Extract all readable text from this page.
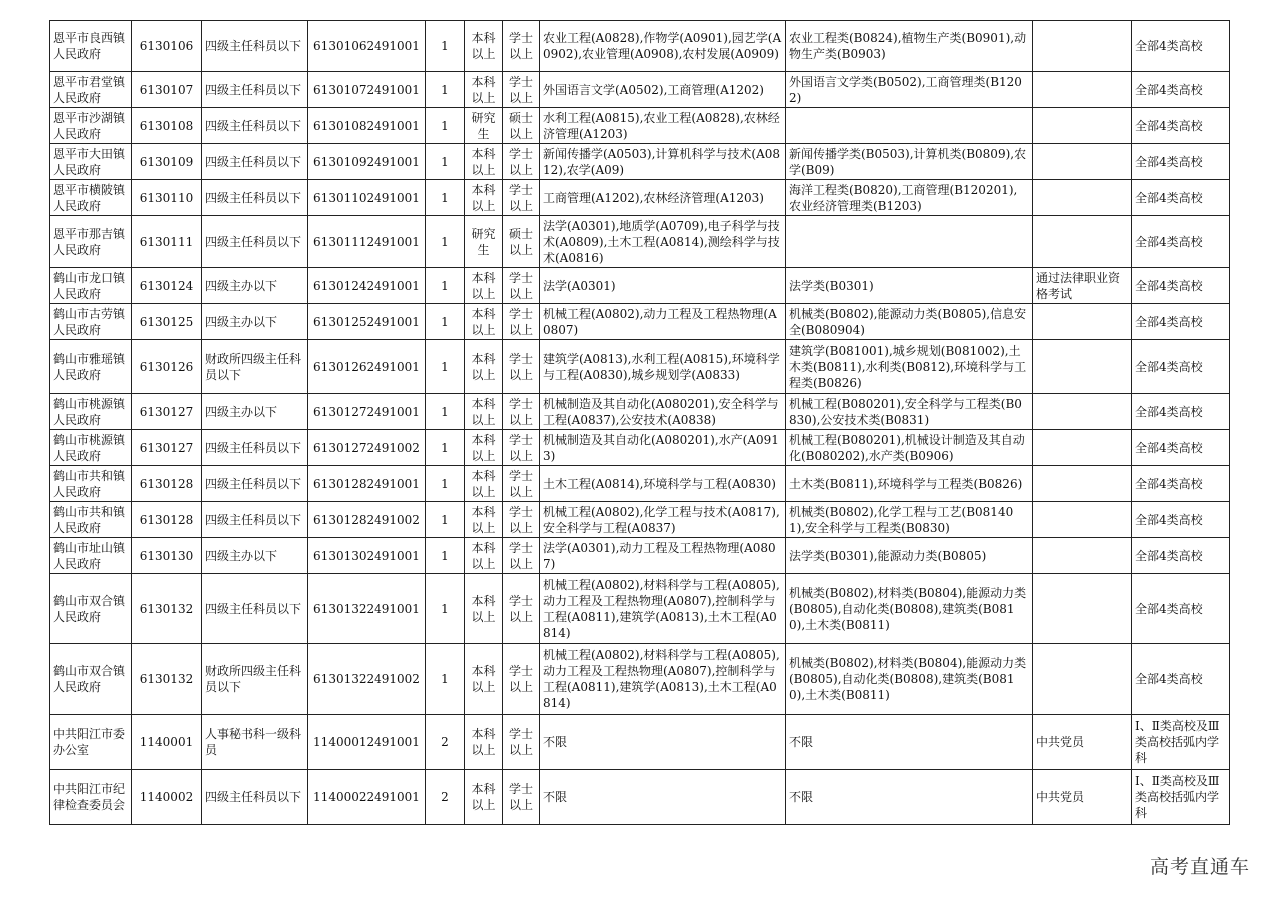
恩平市良西镇人民政府	6130106	四级主任科员以下	61301062491001	1	本科以上	学士以上	农业工程(A0828),作物学(A0901),园艺学(A0902),农业管理(A0908),农村发展(A0909)	农业工程类(B0824),植物生产类(B0901),动物生产类(B0903)		全部4类高校
恩平市君堂镇人民政府	6130107	四级主任科员以下	61301072491001	1	本科以上	学士以上	外国语言文学(A0502),工商管理(A1202)	外国语言文学类(B0502),工商管理类(B1202)		全部4类高校
恩平市沙湖镇人民政府	6130108	四级主任科员以下	61301082491001	1	研究生	硕士以上	水利工程(A0815),农业工程(A0828),农林经济管理(A1203)			全部4类高校
恩平市大田镇人民政府	6130109	四级主任科员以下	61301092491001	1	本科以上	学士以上	新闻传播学(A0503),计算机科学与技术(A0812),农学(A09)	新闻传播学类(B0503),计算机类(B0809),农学(B09)		全部4类高校
恩平市横陂镇人民政府	6130110	四级主任科员以下	61301102491001	1	本科以上	学士以上	工商管理(A1202),农林经济管理(A1203)	海洋工程类(B0820),工商管理(B120201),农业经济管理类(B1203)		全部4类高校
恩平市那吉镇人民政府	6130111	四级主任科员以下	61301112491001	1	研究生	硕士以上	法学(A0301),地质学(A0709),电子科学与技术(A0809),土木工程(A0814),测绘科学与技术(A0816)			全部4类高校
鹤山市龙口镇人民政府	6130124	四级主办以下	61301242491001	1	本科以上	学士以上	法学(A0301)	法学类(B0301)	通过法律职业资格考试	全部4类高校
鹤山市古劳镇人民政府	6130125	四级主办以下	61301252491001	1	本科以上	学士以上	机械工程(A0802),动力工程及工程热物理(A0807)	机械类(B0802),能源动力类(B0805),信息安全(B080904)		全部4类高校
鹤山市雅瑶镇人民政府	6130126	财政所四级主任科员以下	61301262491001	1	本科以上	学士以上	建筑学(A0813),水利工程(A0815),环境科学与工程(A0830),城乡规划学(A0833)	建筑学(B081001),城乡规划(B081002),土木类(B0811),水利类(B0812),环境科学与工程类(B0826)		全部4类高校
鹤山市桃源镇人民政府	6130127	四级主办以下	61301272491001	1	本科以上	学士以上	机械制造及其自动化(A080201),安全科学与工程(A0837),公安技术(A0838)	机械工程(B080201),安全科学与工程类(B0830),公安技术类(B0831)		全部4类高校
鹤山市桃源镇人民政府	6130127	四级主任科员以下	61301272491002	1	本科以上	学士以上	机械制造及其自动化(A080201),水产(A0913)	机械工程(B080201),机械设计制造及其自动化(B080202),水产类(B0906)		全部4类高校
鹤山市共和镇人民政府	6130128	四级主任科员以下	61301282491001	1	本科以上	学士以上	土木工程(A0814),环境科学与工程(A0830)	土木类(B0811),环境科学与工程类(B0826)		全部4类高校
鹤山市共和镇人民政府	6130128	四级主任科员以下	61301282491002	1	本科以上	学士以上	机械工程(A0802),化学工程与技术(A0817),安全科学与工程(A0837)	机械类(B0802),化学工程与工艺(B081401),安全科学与工程类(B0830)		全部4类高校
鹤山市址山镇人民政府	6130130	四级主办以下	61301302491001	1	本科以上	学士以上	法学(A0301),动力工程及工程热物理(A0807)	法学类(B0301),能源动力类(B0805)		全部4类高校
鹤山市双合镇人民政府	6130132	四级主任科员以下	61301322491001	1	本科以上	学士以上	机械工程(A0802),材料科学与工程(A0805),动力工程及工程热物理(A0807),控制科学与工程(A0811),建筑学(A0813),土木工程(A0814)	机械类(B0802),材料类(B0804),能源动力类(B0805),自动化类(B0808),建筑类(B0810),土木类(B0811)		全部4类高校
鹤山市双合镇人民政府	6130132	财政所四级主任科员以下	61301322491002	1	本科以上	学士以上	机械工程(A0802),材料科学与工程(A0805),动力工程及工程热物理(A0807),控制科学与工程(A0811),建筑学(A0813),土木工程(A0814)	机械类(B0802),材料类(B0804),能源动力类(B0805),自动化类(B0808),建筑类(B0810),土木类(B0811)		全部4类高校
中共阳江市委办公室	1140001	人事秘书科一级科员	11400012491001	2	本科以上	学士以上	不限	不限	中共党员	Ⅰ、Ⅱ类高校及Ⅲ类高校括弧内学科
中共阳江市纪律检查委员会	1140002	四级主任科员以下	11400022491001	2	本科以上	学士以上	不限	不限	中共党员	Ⅰ、Ⅱ类高校及Ⅲ类高校括弧内学科
高考直通车
